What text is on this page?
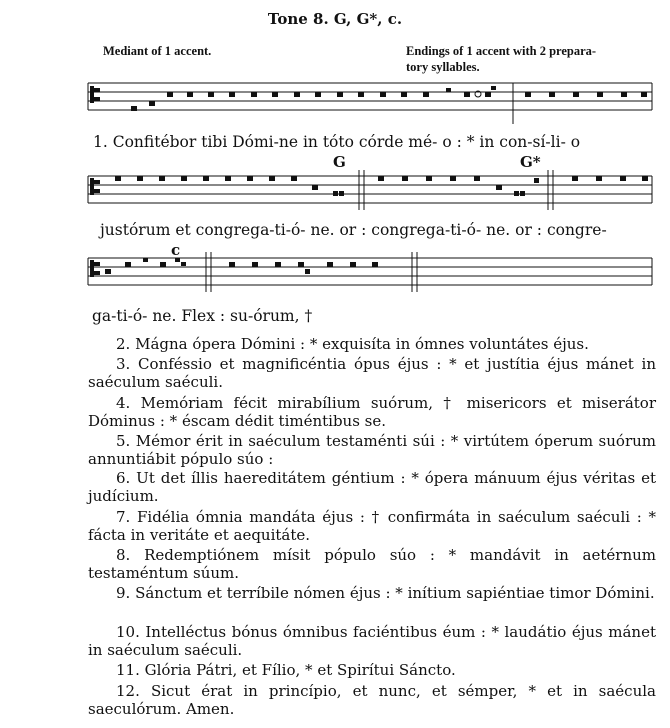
Tone 8. G, G*, c.
Mediant of 1 accent.	Endings of 1 accent with 2 prepara-
tory syllables.
G	G*
c
1. Confitébor tibi Dómi-ne in tóto córde mé- o : * in con-sí-li- o
justórum et congrega-ti-ó- ne. or : congrega-ti-ó- ne. or : congre-
ga-ti-ó- ne. Flex : su-órum, †
2. Mágna ópera Dómini : * exquisíta in ómnes voluntátes éjus.
3. Conféssio et magnificéntia ópus éjus : * et justítia éjus mánet in saéculum saéculi.
4. Memóriam fécit mirabílium suórum, † misericors et miserátor Dóminus : * éscam dédit timéntibus se.
5. Mémor érit in saéculum testaménti súi : * virtútem óperum suórum annuntiábit pópulo súo :
6. Ut det íllis haereditátem géntium : * ópera mánuum éjus véritas et judícium.
7. Fidélia ómnia mandáta éjus : † confirmáta in saéculum saéculi : * fácta in veritáte et aequitáte.
8. Redemptiónem mísit pópulo súo : * mandávit in aetérnum testaméntum súum.
9. Sánctum et terríbile nómen éjus : * inítium sapiéntiae timor Dómini.
10. Intelléctus bónus ómnibus faciéntibus éum : * laudátio éjus mánet in saéculum saéculi.
11. Glória Pátri, et Fílio, * et Spirítui Sáncto.
12. Sicut érat in princípio, et nunc, et sémper, * et in saécula saeculórum. Amen.
